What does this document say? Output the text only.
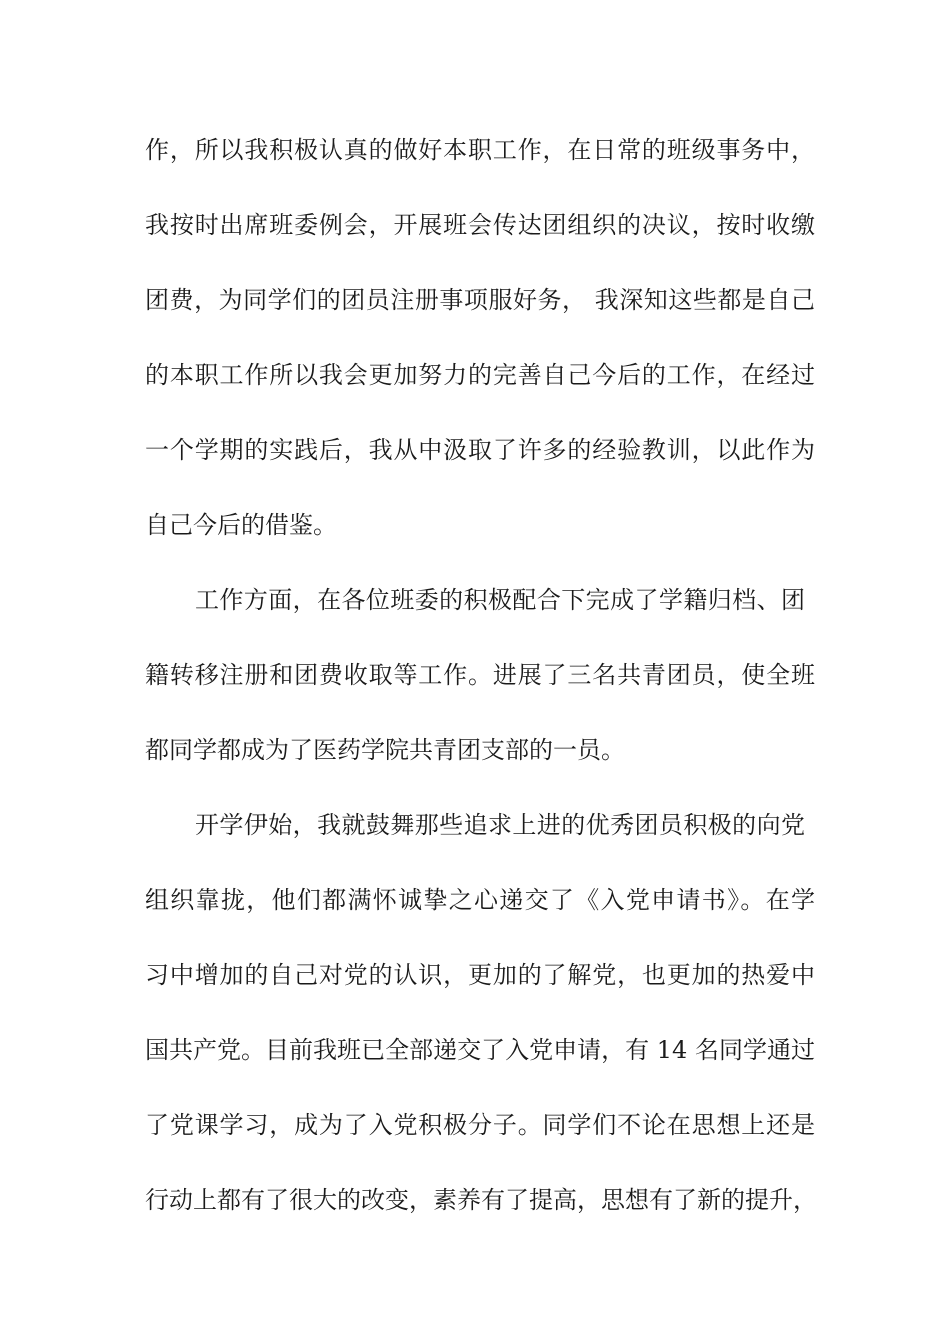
作，所以我积极认真的做好本职工作，在日常的班级事务中，
我按时出席班委例会，开展班会传达团组织的决议，按时收缴
团费，为同学们的团员注册事项服好务， 我深知这些都是自己
的本职工作所以我会更加努力的完善自己今后的工作，在经过
一个学期的实践后，我从中汲取了许多的经验教训，以此作为
自己今后的借鉴。
工作方面，在各位班委的积极配合下完成了学籍归档、团
籍转移注册和团费收取等工作。进展了三名共青团员，使全班
都同学都成为了医药学院共青团支部的一员。
开学伊始，我就鼓舞那些追求上进的优秀团员积极的向党
组织靠拢，他们都满怀诚挚之心递交了《入党申请书》。在学
习中增加的自己对党的认识，更加的了解党，也更加的热爱中
国共产党。目前我班已全部递交了入党申请，有 14 名同学通过
了党课学习，成为了入党积极分子。同学们不论在思想上还是
行动上都有了很大的改变，素养有了提高，思想有了新的提升，
